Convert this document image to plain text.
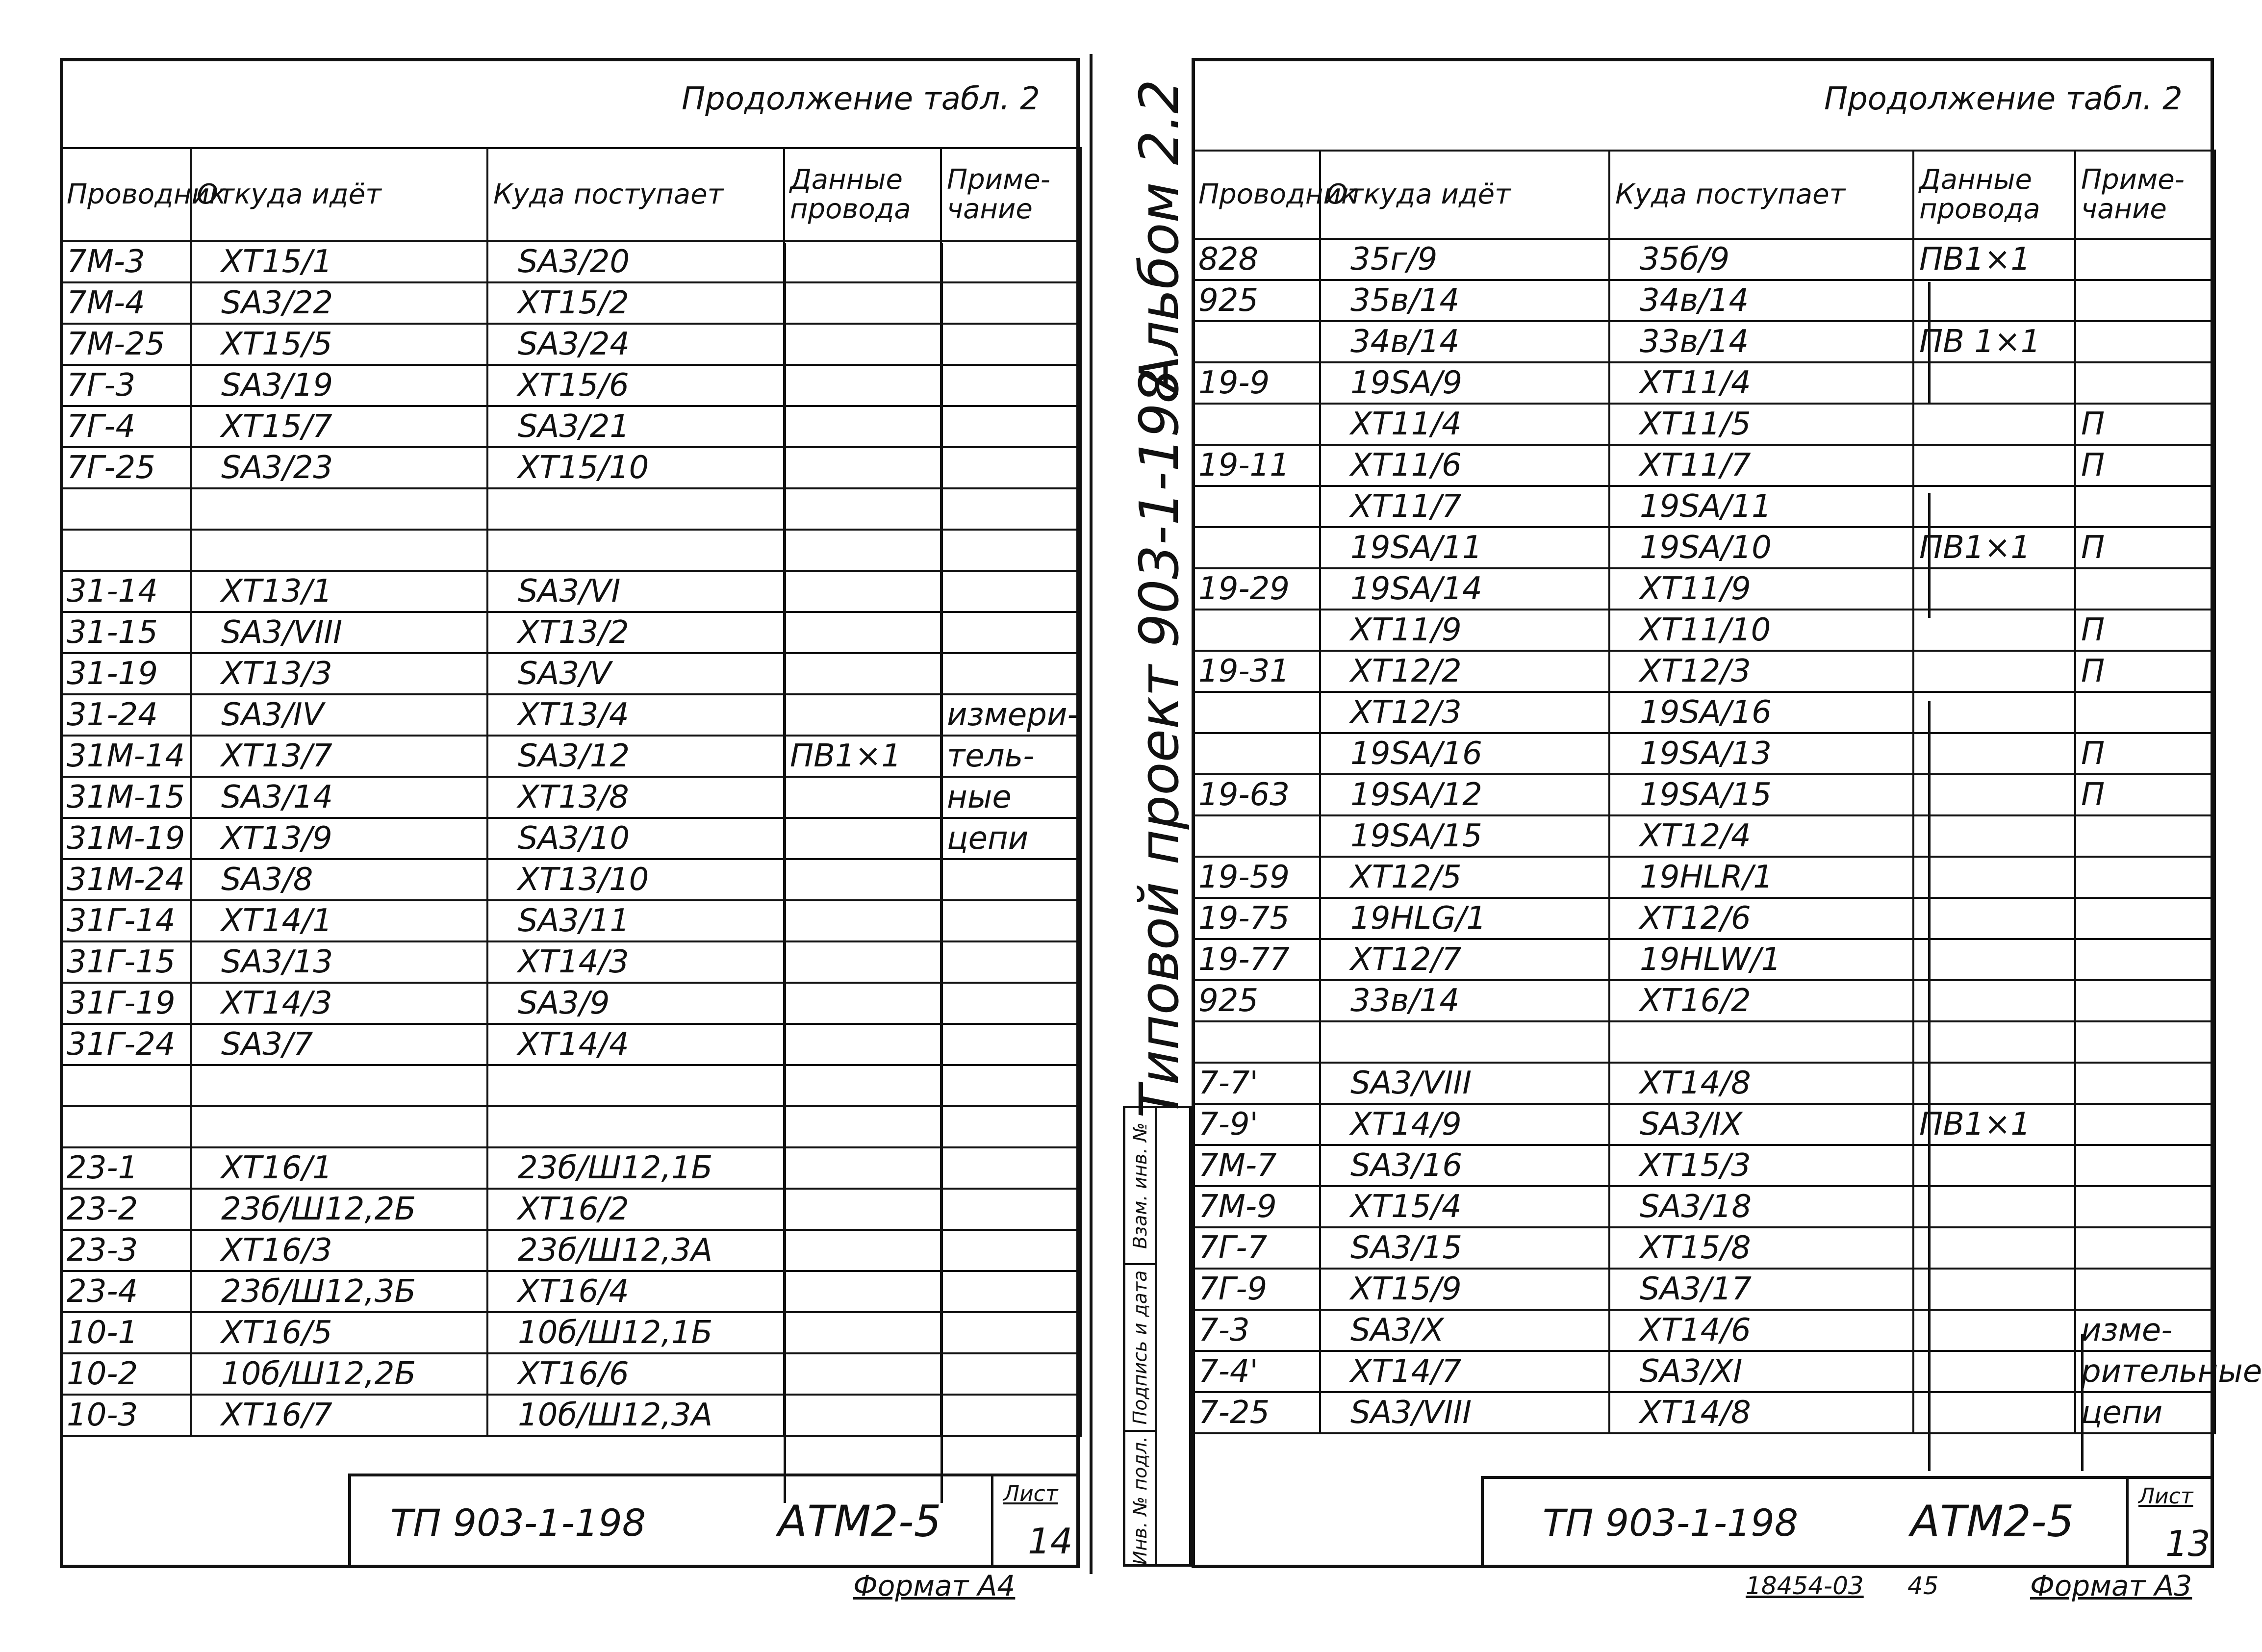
Продолжение табл. 2
Проводник	Откуда идёт	Куда поступает	Данные провода	Приме-чание
7М-3	XT15/1	SA3/20		
7М-4	SA3/22	XT15/2		
7М-25	XT15/5	SA3/24		
7Г-3	SA3/19	XT15/6		
7Г-4	XT15/7	SA3/21		
7Г-25	SA3/23	XT15/10		

31-14	XT13/1	SA3/VI		
31-15	SA3/VIII	XT13/2		
31-19	XT13/3	SA3/V		
31-24	SA3/IV	XT13/4		измери-
31М-14	XT13/7	SA3/12	ПВ1×1	тель-
31М-15	SA3/14	XT13/8		ные
31М-19	XT13/9	SA3/10		цепи
31М-24	SA3/8	XT13/10		
31Г-14	XT14/1	SA3/11		
31Г-15	SA3/13	XT14/3		
31Г-19	XT14/3	SA3/9		
31Г-24	SA3/7	XT14/4		

23-1	XT16/1	23б/Ш12,1Б		
23-2	23б/Ш12,2Б	XT16/2		
23-3	XT16/3	23б/Ш12,3А		
23-4	23б/Ш12,3Б	XT16/4		
10-1	XT16/5	10б/Ш12,1Б		
10-2	10б/Ш12,2Б	XT16/6		
10-3	XT16/7	10б/Ш12,3А		
ТП 903-1-198	АТМ2-5
Лист
14
Формат А4
Продолжение табл. 2
Проводник	Откуда идёт	Куда поступает	Данные провода	Приме-чание
828	35г/9	35б/9	ПВ1×1	
925	35в/14	34в/14		
	34в/14	33в/14	ПВ 1×1	
19-9	19SA/9	XT11/4		
	XT11/4	XT11/5		П
19-11	XT11/6	XT11/7		П
	XT11/7	19SA/11		
	19SA/11	19SA/10	ПВ1×1	П
19-29	19SA/14	XT11/9		
	XT11/9	XT11/10		П
19-31	XT12/2	XT12/3		П
	XT12/3	19SA/16		
	19SA/16	19SA/13		П
19-63	19SA/12	19SA/15		П
	19SA/15	XT12/4		
19-59	XT12/5	19HLR/1		
19-75	19HLG/1	XT12/6		
19-77	XT12/7	19HLW/1		
925	33в/14	XT16/2		

7-7'	SA3/VIII	XT14/8		
7-9'	XT14/9	SA3/IX	ПВ1×1	
7М-7	SA3/16	XT15/3		
7М-9	XT15/4	SA3/18		
7Г-7	SA3/15	XT15/8		
7Г-9	XT15/9	SA3/17		
7-3	SA3/X	XT14/6		изме-
7-4'	XT14/7	SA3/XI		рительные
7-25	SA3/VIII	XT14/8		цепи
ТП 903-1-198	АТМ2-5	Лист
13
Типовой проект 903-1-198
Альбом 2.2
Взам. инв. №
Подпись и дата
Инв. № подл.
Формат А3
18454-03 45
